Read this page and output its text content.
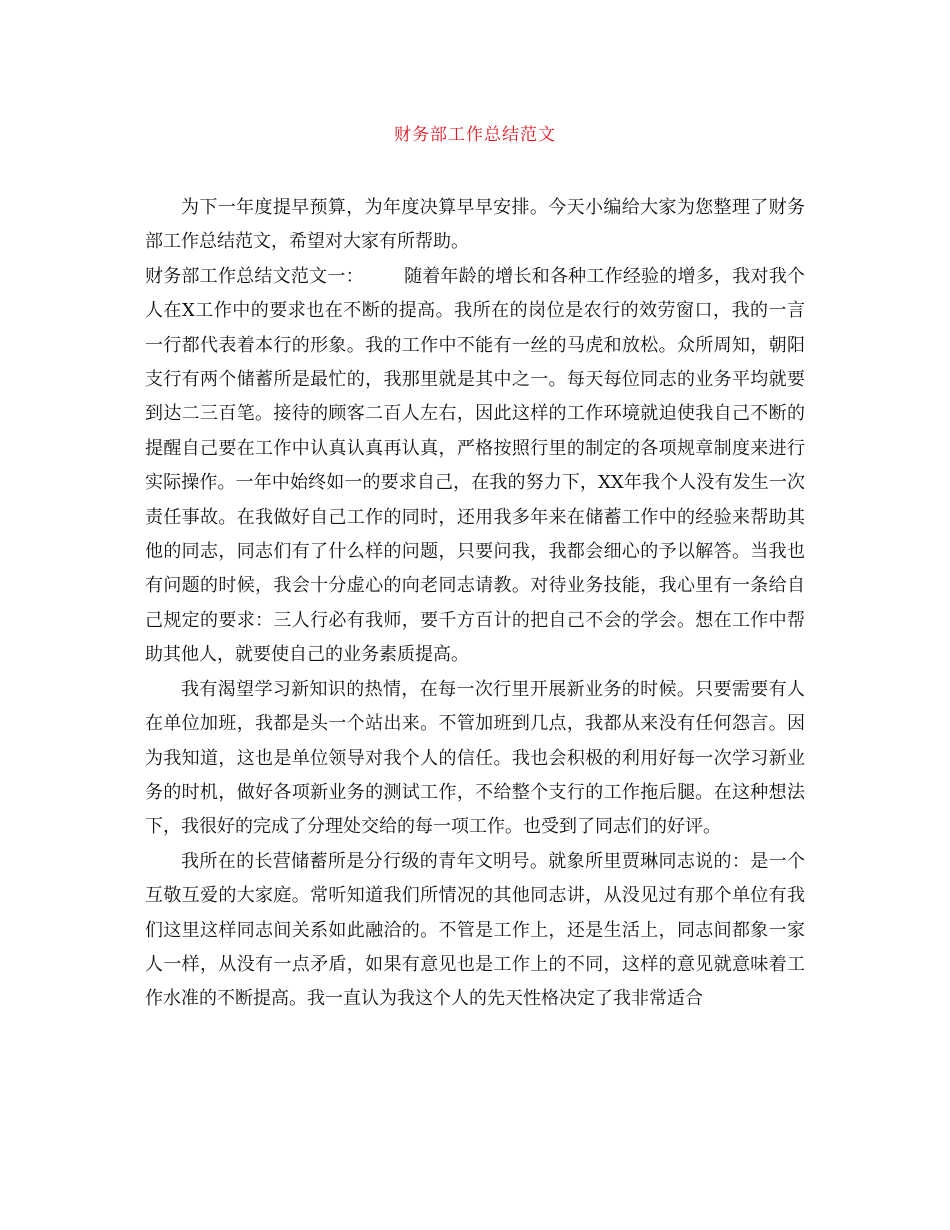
财务部工作总结范文

为下一年度提早预算，为年度决算早早安排。今天小编给大家为您整理了财务部工作总结范文，希望对大家有所帮助。

财务部工作总结文范文一： 随着年龄的增长和各种工作经验的增多，我对我个人在X工作中的要求也在不断的提高。我所在的岗位是农行的效劳窗口，我的一言一行都代表着本行的形象。我的工作中不能有一丝的马虎和放松。众所周知，朝阳支行有两个储蓄所是最忙的，我那里就是其中之一。每天每位同志的业务平均就要到达二三百笔。接待的顾客二百人左右，因此这样的工作环境就迫使我自己不断的提醒自己要在工作中认真认真再认真，严格按照行里的制定的各项规章制度来进行实际操作。一年中始终如一的要求自己，在我的努力下，XX年我个人没有发生一次责任事故。在我做好自己工作的同时，还用我多年来在储蓄工作中的经验来帮助其他的同志，同志们有了什么样的问题，只要问我，我都会细心的予以解答。当我也有问题的时候，我会十分虚心的向老同志请教。对待业务技能，我心里有一条给自己规定的要求：三人行必有我师，要千方百计的把自己不会的学会。想在工作中帮助其他人，就要使自己的业务素质提高。

我有渴望学习新知识的热情，在每一次行里开展新业务的时候。只要需要有人在单位加班，我都是头一个站出来。不管加班到几点，我都从来没有任何怨言。因为我知道，这也是单位领导对我个人的信任。我也会积极的利用好每一次学习新业务的时机，做好各项新业务的测试工作，不给整个支行的工作拖后腿。在这种想法下，我很好的完成了分理处交给的每一项工作。也受到了同志们的好评。

我所在的长营储蓄所是分行级的青年文明号。就象所里贾琳同志说的：是一个互敬互爱的大家庭。常听知道我们所情况的其他同志讲，从没见过有那个单位有我们这里这样同志间关系如此融洽的。不管是工作上，还是生活上，同志间都象一家人一样，从没有一点矛盾，如果有意见也是工作上的不同，这样的意见就意味着工作水准的不断提高。我一直认为我这个人的先天性格决定了我非常适合
